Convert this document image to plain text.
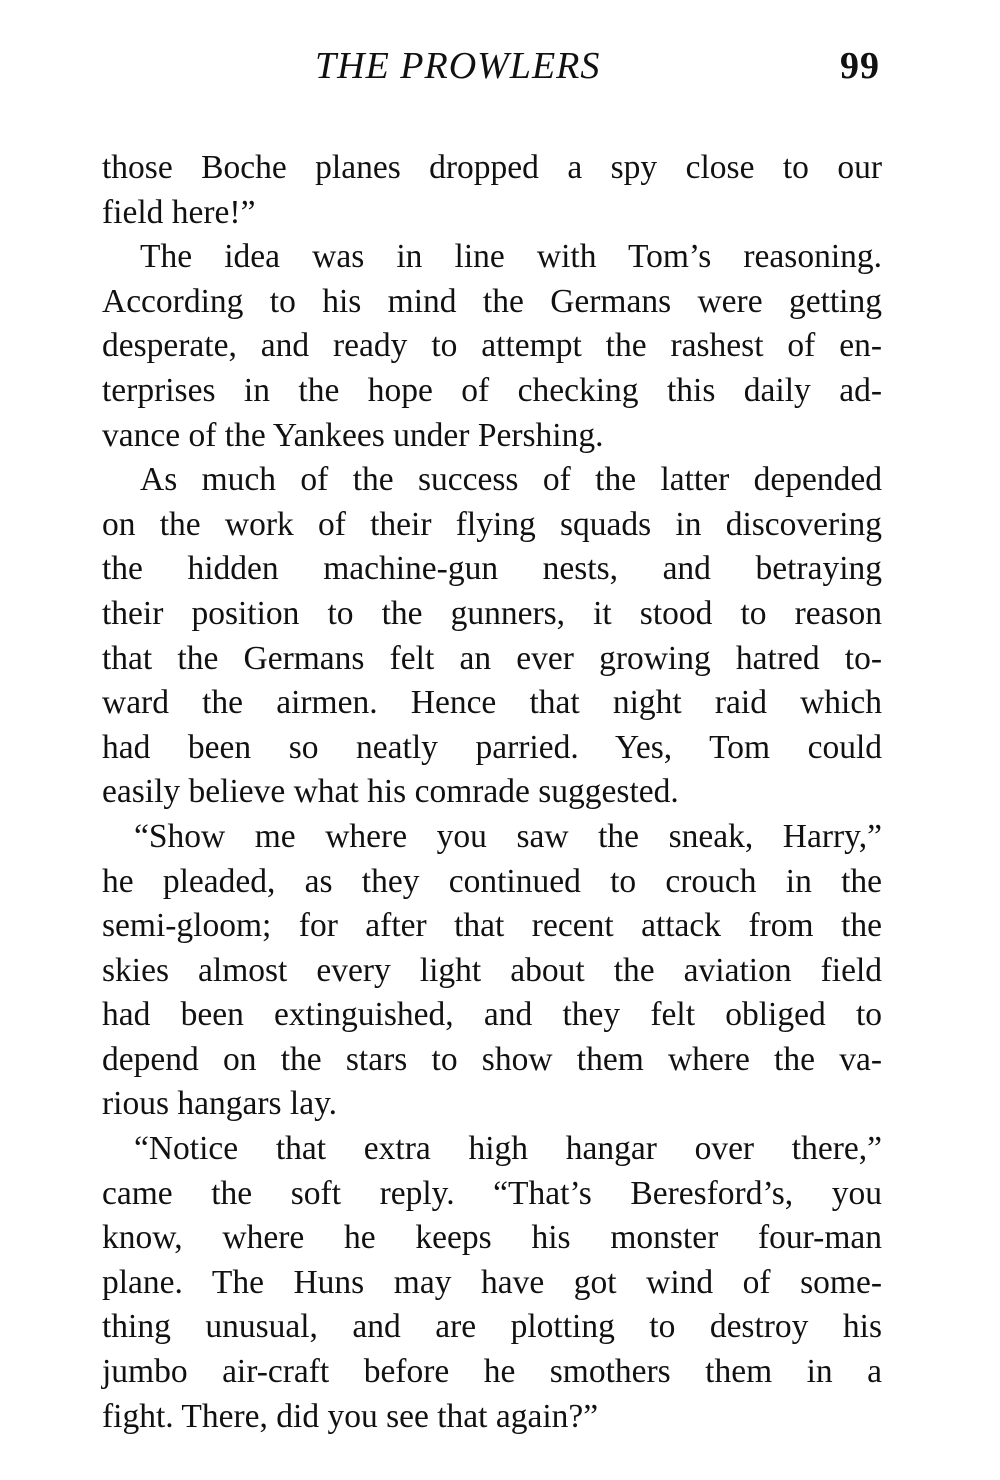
THE PROWLERS	99
those Boche planes dropped a spy close to our
field here!”
The idea was in line with Tom’s reasoning.
According to his mind the Germans were getting
desperate, and ready to attempt the rashest of en-
terprises in the hope of checking this daily ad-
vance of the Yankees under Pershing.
As much of the success of the latter depended
on the work of their flying squads in discovering
the hidden machine-gun nests, and betraying
their position to the gunners, it stood to reason
that the Germans felt an ever growing hatred to-
ward the airmen. Hence that night raid which
had been so neatly parried. Yes, Tom could
easily believe what his comrade suggested.
“Show me where you saw the sneak, Harry,”
he pleaded, as they continued to crouch in the
semi-gloom; for after that recent attack from the
skies almost every light about the aviation field
had been extinguished, and they felt obliged to
depend on the stars to show them where the va-
rious hangars lay.
“Notice that extra high hangar over there,”
came the soft reply. “That’s Beresford’s, you
know, where he keeps his monster four-man
plane. The Huns may have got wind of some-
thing unusual, and are plotting to destroy his
jumbo air-craft before he smothers them in a
fight. There, did you see that again?”
